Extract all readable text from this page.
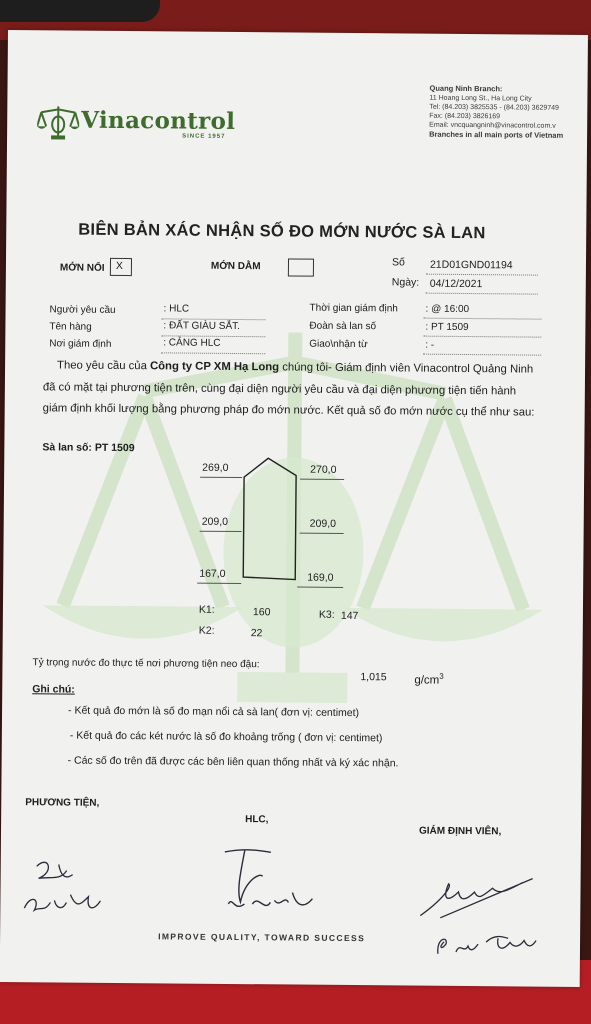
Vinacontrol
SINCE 1957
Quang Ninh Branch:
11 Hoang Long St., Ha Long City
Tel: (84.203) 3825535 - (84.203) 3629749
Fax: (84.203) 3826169
Email: vncquangninh@vinacontrol.com.v
Branches in all main ports of Vietnam
BIÊN BẢN XÁC NHẬN SỐ ĐO MỚN NƯỚC SÀ LAN
MỚN NỔI X	MỚN DẰM	Số 21D01GND01194
Ngày: 04/12/2021
Người yêu cầu	: HLC
Tên hàng	: ĐẤT GIÀU SẮT.
Nơi giám định	: CẢNG HLC
Thời gian giám định	: @ 16:00
Đoàn sà lan số	: PT 1509
Giao\nhận từ	: -
Theo yêu cầu của Công ty CP XM Hạ Long chúng tôi- Giám định viên Vinacontrol Quảng Ninh đã có mặt tại phương tiện trên, cùng đại diện người yêu cầu và đại diện phương tiện tiến hành giám định khối lượng bằng phương pháp đo mớn nước. Kết quả số đo mớn nước cụ thể như sau:
Sà lan số: PT 1509
269,0	270,0
209,0	209,0
167,0	169,0
K1:	160	K3: 147
K2:	22
Tỷ trọng nước đo thực tế nơi phương tiện neo đậu:
1,015 $g/cm^3$
Ghi chú:
- Kết quả đo mớn là số đo mạn nổi cả sà lan( đơn vị: centimet)
- Kết quả đo các két nước là số đo khoảng trống ( đơn vị: centimet)
- Các số đo trên đã được các bên liên quan thống nhất và ký xác nhận.
PHƯƠNG TIỆN,
HLC,
GIÁM ĐỊNH VIÊN,
IMPROVE QUALITY, TOWARD SUCCESS
